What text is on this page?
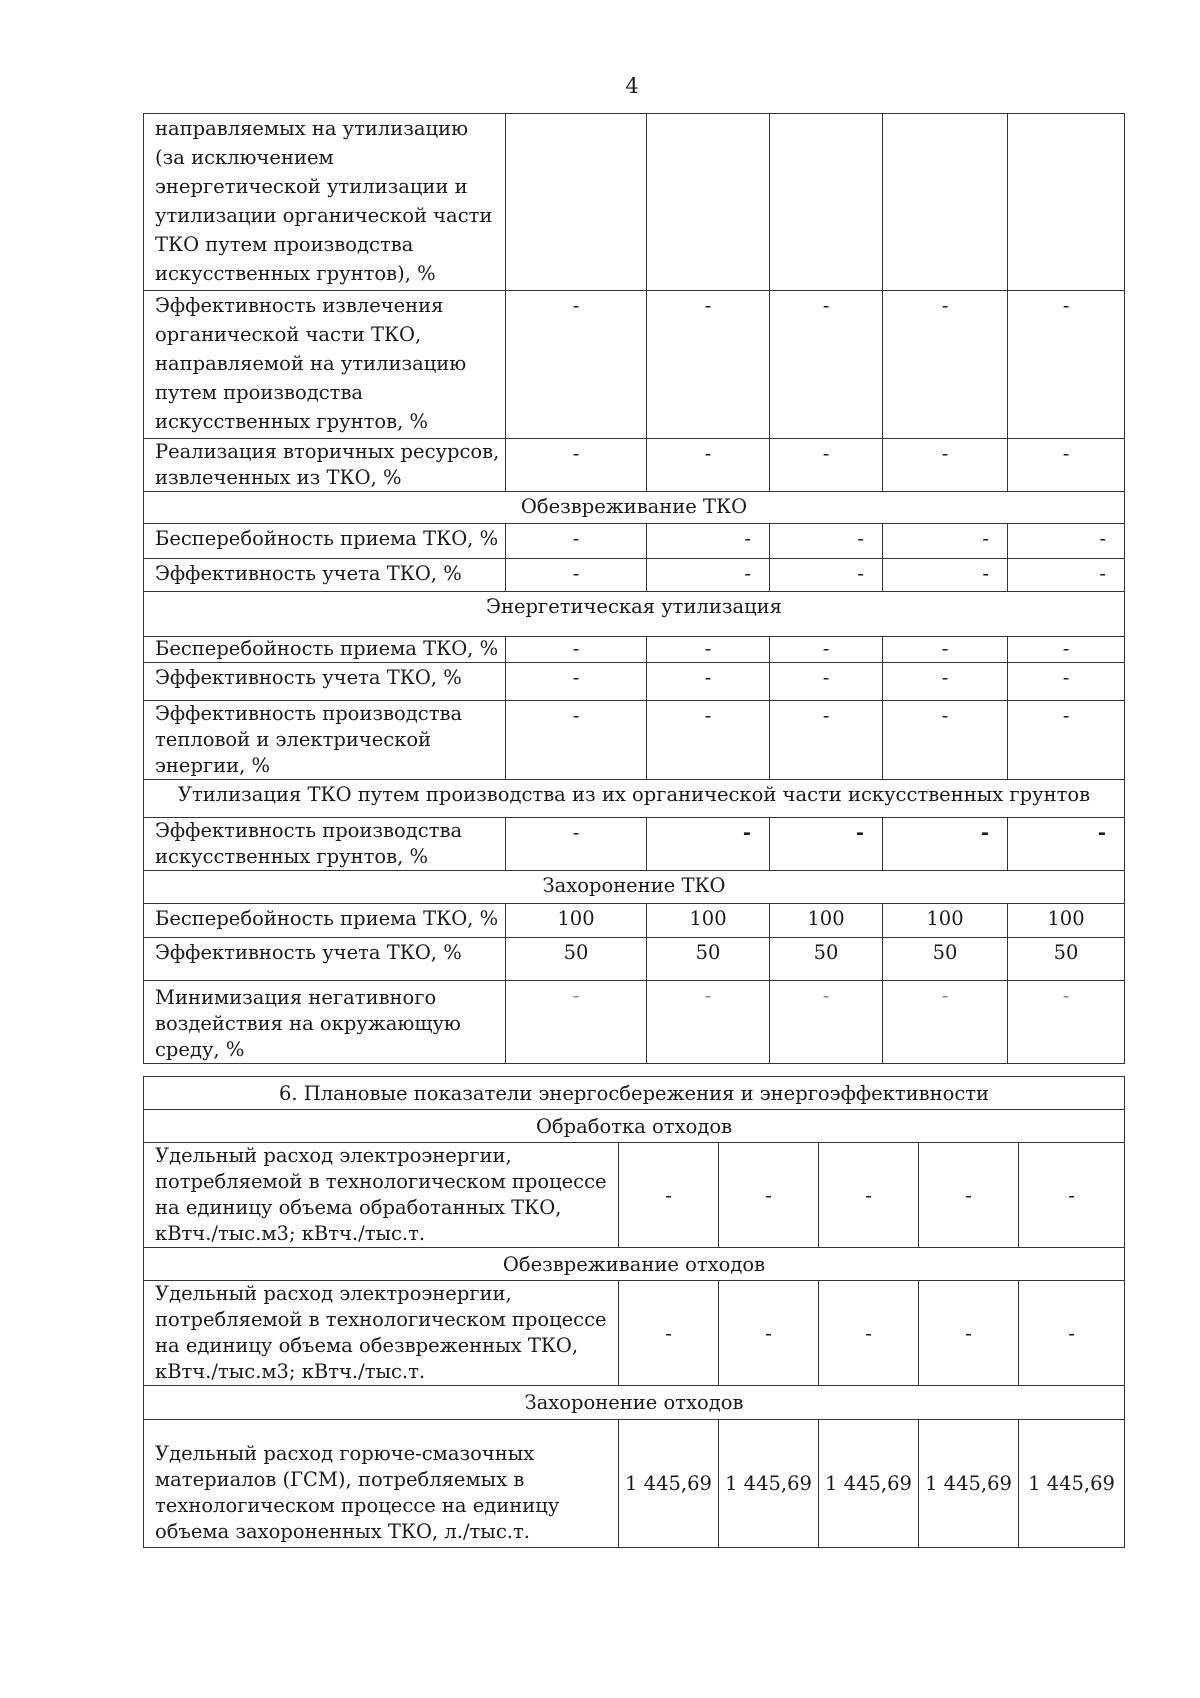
4
направляемых на утилизацию (за исключением энергетической утилизации и утилизации органической части ТКО путем производства искусственных грунтов), %					
Эффективность извлечения органической части ТКО, направляемой на утилизацию путем производства искусственных грунтов, %	-	-	-	-	-
Реализация вторичных ресурсов, извлеченных из ТКО, %	-	-	-	-	-
Обезвреживание ТКО					
Бесперебойность приема ТКО, %	-	-	-	-	-
Эффективность учета ТКО, %	-	-	-	-	-
Энергетическая утилизация					
Бесперебойность приема ТКО, %	-	-	-	-	-
Эффективность учета ТКО, %	-	-	-	-	-
Эффективность производства тепловой и электрической энергии, %	-	-	-	-	-
Утилизация ТКО путем производства из их органической части искусственных грунтов					
Эффективность производства искусственных грунтов, %	-	-	-	-	-
Захоронение ТКО					
Бесперебойность приема ТКО, %	100	100	100	100	100
Эффективность учета ТКО, %	50	50	50	50	50
Минимизация негативного воздействия на окружающую среду, %	-	-	-	-	-
6. Плановые показатели энергосбережения и энергоэффективности					
Обработка отходов					
Удельный расход электроэнергии, потребляемой в технологическом процессе на единицу объема обработанных ТКО, кВтч./тыс.м3; кВтч./тыс.т.	-	-	-	-	-
Обезвреживание отходов					
Удельный расход электроэнергии, потребляемой в технологическом процессе на единицу объема обезвреженных ТКО, кВтч./тыс.м3; кВтч./тыс.т.	-	-	-	-	-
Захоронение отходов					
Удельный расход горюче-смазочных материалов (ГСМ), потребляемых в технологическом процессе на единицу объема захороненных ТКО, л./тыс.т.	1 445,69	1 445,69	1 445,69	1 445,69	1 445,69
